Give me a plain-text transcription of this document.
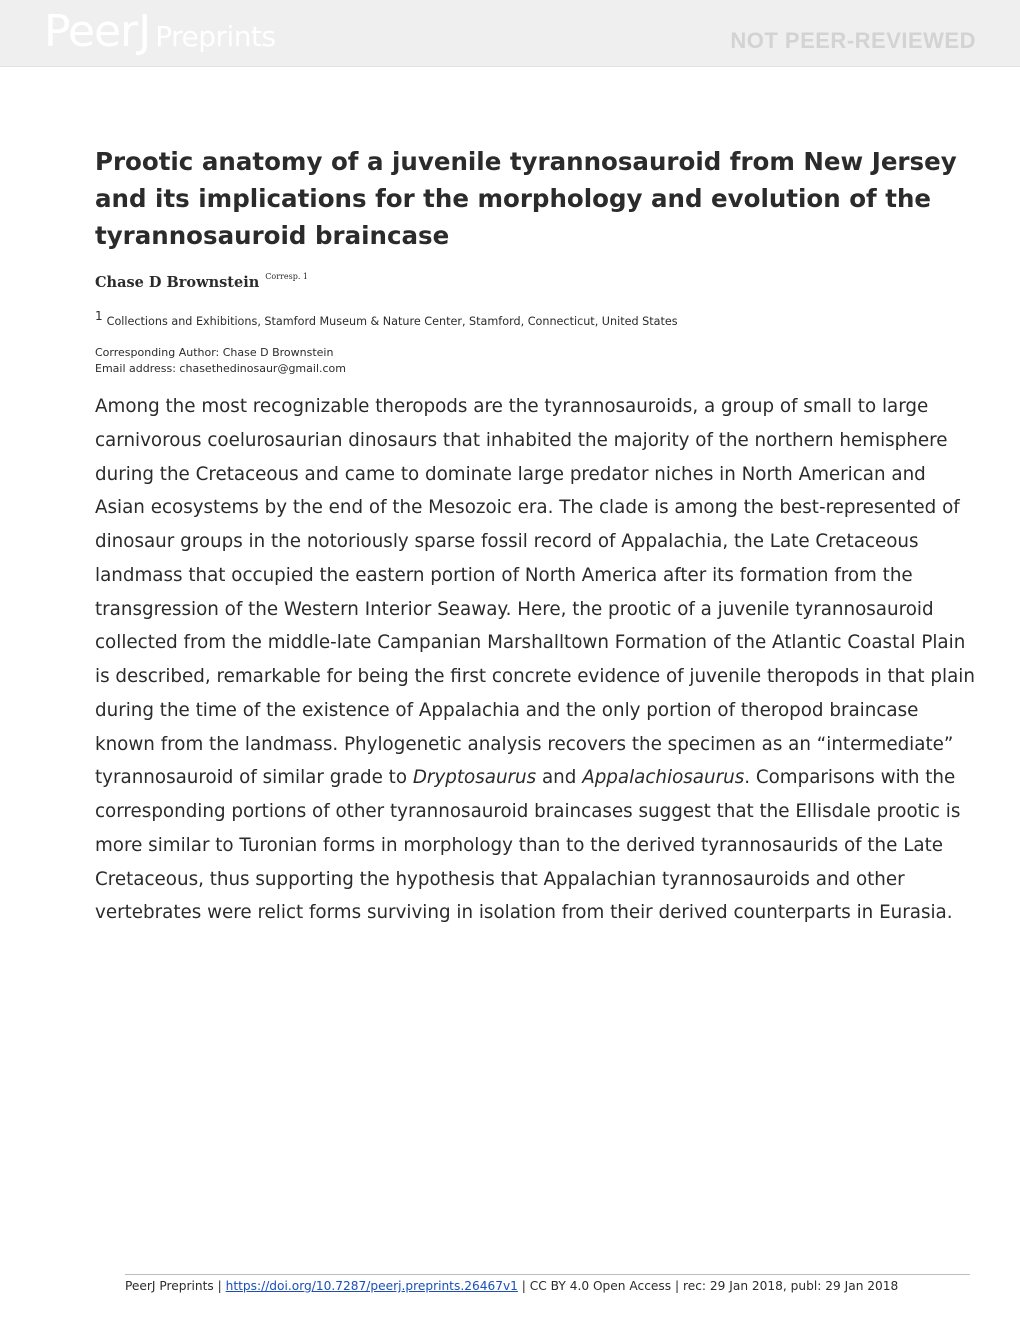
Peer J Preprints	NOT PEER-REVIEWED
Prootic anatomy of a juvenile tyrannosauroid from New Jersey and its implications for the morphology and evolution of the tyrannosauroid braincase
Chase D Brownstein $^{Corresp. 1}$
$^1$ Collections and Exhibitions, Stamford Museum & Nature Center, Stamford, Connecticut, United States
Corresponding Author: Chase D Brownstein
Email address: chasethedinosaur@gmail.com

Among the most recognizable theropods are the tyrannosauroids, a group of small to large carnivorous coelurosaurian dinosaurs that inhabited the majority of the northern hemisphere during the Cretaceous and came to dominate large predator niches in North American and Asian ecosystems by the end of the Mesozoic era. The clade is among the best-represented of dinosaur groups in the notoriously sparse fossil record of Appalachia, the Late Cretaceous landmass that occupied the eastern portion of North America after its formation from the transgression of the Western Interior Seaway. Here, the prootic of a juvenile tyrannosauroid collected from the middle-late Campanian Marshalltown Formation of the Atlantic Coastal Plain is described, remarkable for being the first concrete evidence of juvenile theropods in that plain during the time of the existence of Appalachia and the only portion of theropod braincase known from the landmass. Phylogenetic analysis recovers the specimen as an “intermediate” tyrannosauroid of similar grade to Dryptosaurus and Appalachiosaurus. Comparisons with the corresponding portions of other tyrannosauroid braincases suggest that the Ellisdale prootic is more similar to Turonian forms in morphology than to the derived tyrannosaurids of the Late Cretaceous, thus supporting the hypothesis that Appalachian tyrannosauroids and other vertebrates were relict forms surviving in isolation from their derived counterparts in Eurasia.

PeerJ Preprints | https://doi.org/10.7287/peerj.preprints.26467v1 | CC BY 4.0 Open Access | rec: 29 Jan 2018, publ: 29 Jan 2018
